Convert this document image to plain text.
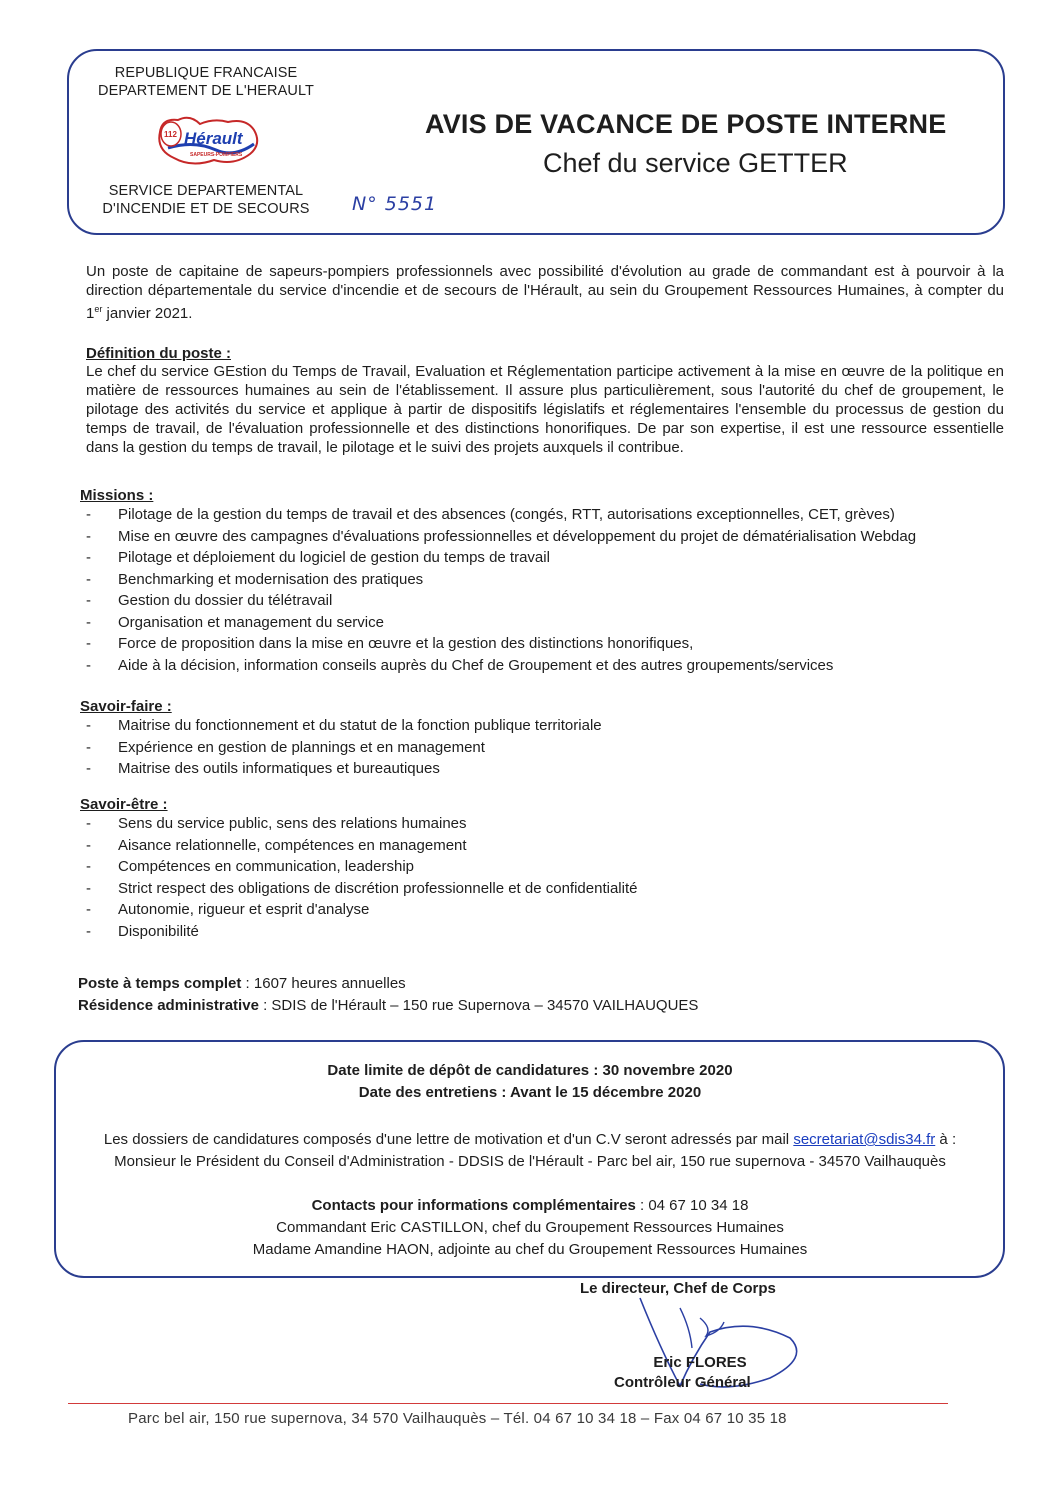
REPUBLIQUE FRANCAISE
DEPARTEMENT DE L'HERAULT
112 Hérault
SAPEURS-POMPIERS
SERVICE DEPARTEMENTAL
D'INCENDIE ET DE SECOURS
AVIS DE VACANCE DE POSTE INTERNE
Chef du service GETTER
N° 5551
Un poste de capitaine de sapeurs-pompiers professionnels avec possibilité d'évolution au grade de commandant est à pourvoir à la direction départementale du service d'incendie et de secours de l'Hérault, au sein du Groupement Ressources Humaines, à compter du 1er janvier 2021.
Définition du poste :
Le chef du service GEstion du Temps de Travail, Evaluation et Réglementation participe activement à la mise en œuvre de la politique en matière de ressources humaines au sein de l'établissement. Il assure plus particulièrement, sous l'autorité du chef de groupement, le pilotage des activités du service et applique à partir de dispositifs législatifs et réglementaires l'ensemble du processus de gestion du temps de travail, de l'évaluation professionnelle et des distinctions honorifiques. De par son expertise, il est une ressource essentielle dans la gestion du temps de travail, le pilotage et le suivi des projets auxquels il contribue.
Missions :
- Pilotage de la gestion du temps de travail et des absences (congés, RTT, autorisations exceptionnelles, CET, grèves)
- Mise en œuvre des campagnes d'évaluations professionnelles et développement du projet de dématérialisation Webdag
- Pilotage et déploiement du logiciel de gestion du temps de travail
- Benchmarking et modernisation des pratiques
- Gestion du dossier du télétravail
- Organisation et management du service
- Force de proposition dans la mise en œuvre et la gestion des distinctions honorifiques,
- Aide à la décision, information conseils auprès du Chef de Groupement et des autres groupements/services
Savoir-faire :
- Maitrise du fonctionnement et du statut de la fonction publique territoriale
- Expérience en gestion de plannings et en management
- Maitrise des outils informatiques et bureautiques
Savoir-être :
- Sens du service public, sens des relations humaines
- Aisance relationnelle, compétences en management
- Compétences en communication, leadership
- Strict respect des obligations de discrétion professionnelle et de confidentialité
- Autonomie, rigueur et esprit d'analyse
- Disponibilité
Poste à temps complet : 1607 heures annuelles
Résidence administrative : SDIS de l'Hérault – 150 rue Supernova – 34570 VAILHAUQUES
Date limite de dépôt de candidatures : 30 novembre 2020
Date des entretiens : Avant le 15 décembre 2020
Les dossiers de candidatures composés d'une lettre de motivation et d'un C.V seront adressés par mail secretariat@sdis34.fr à :
Monsieur le Président du Conseil d'Administration - DDSIS de l'Hérault - Parc bel air, 150 rue supernova - 34570 Vailhauquès
Contacts pour informations complémentaires : 04 67 10 34 18
Commandant Eric CASTILLON, chef du Groupement Ressources Humaines
Madame Amandine HAON, adjointe au chef du Groupement Ressources Humaines
Le directeur, Chef de Corps
Eric FLORES
Contrôleur Général
Parc bel air, 150 rue supernova, 34 570 Vailhauquès – Tél. 04 67 10 34 18 – Fax 04 67 10 35 18
